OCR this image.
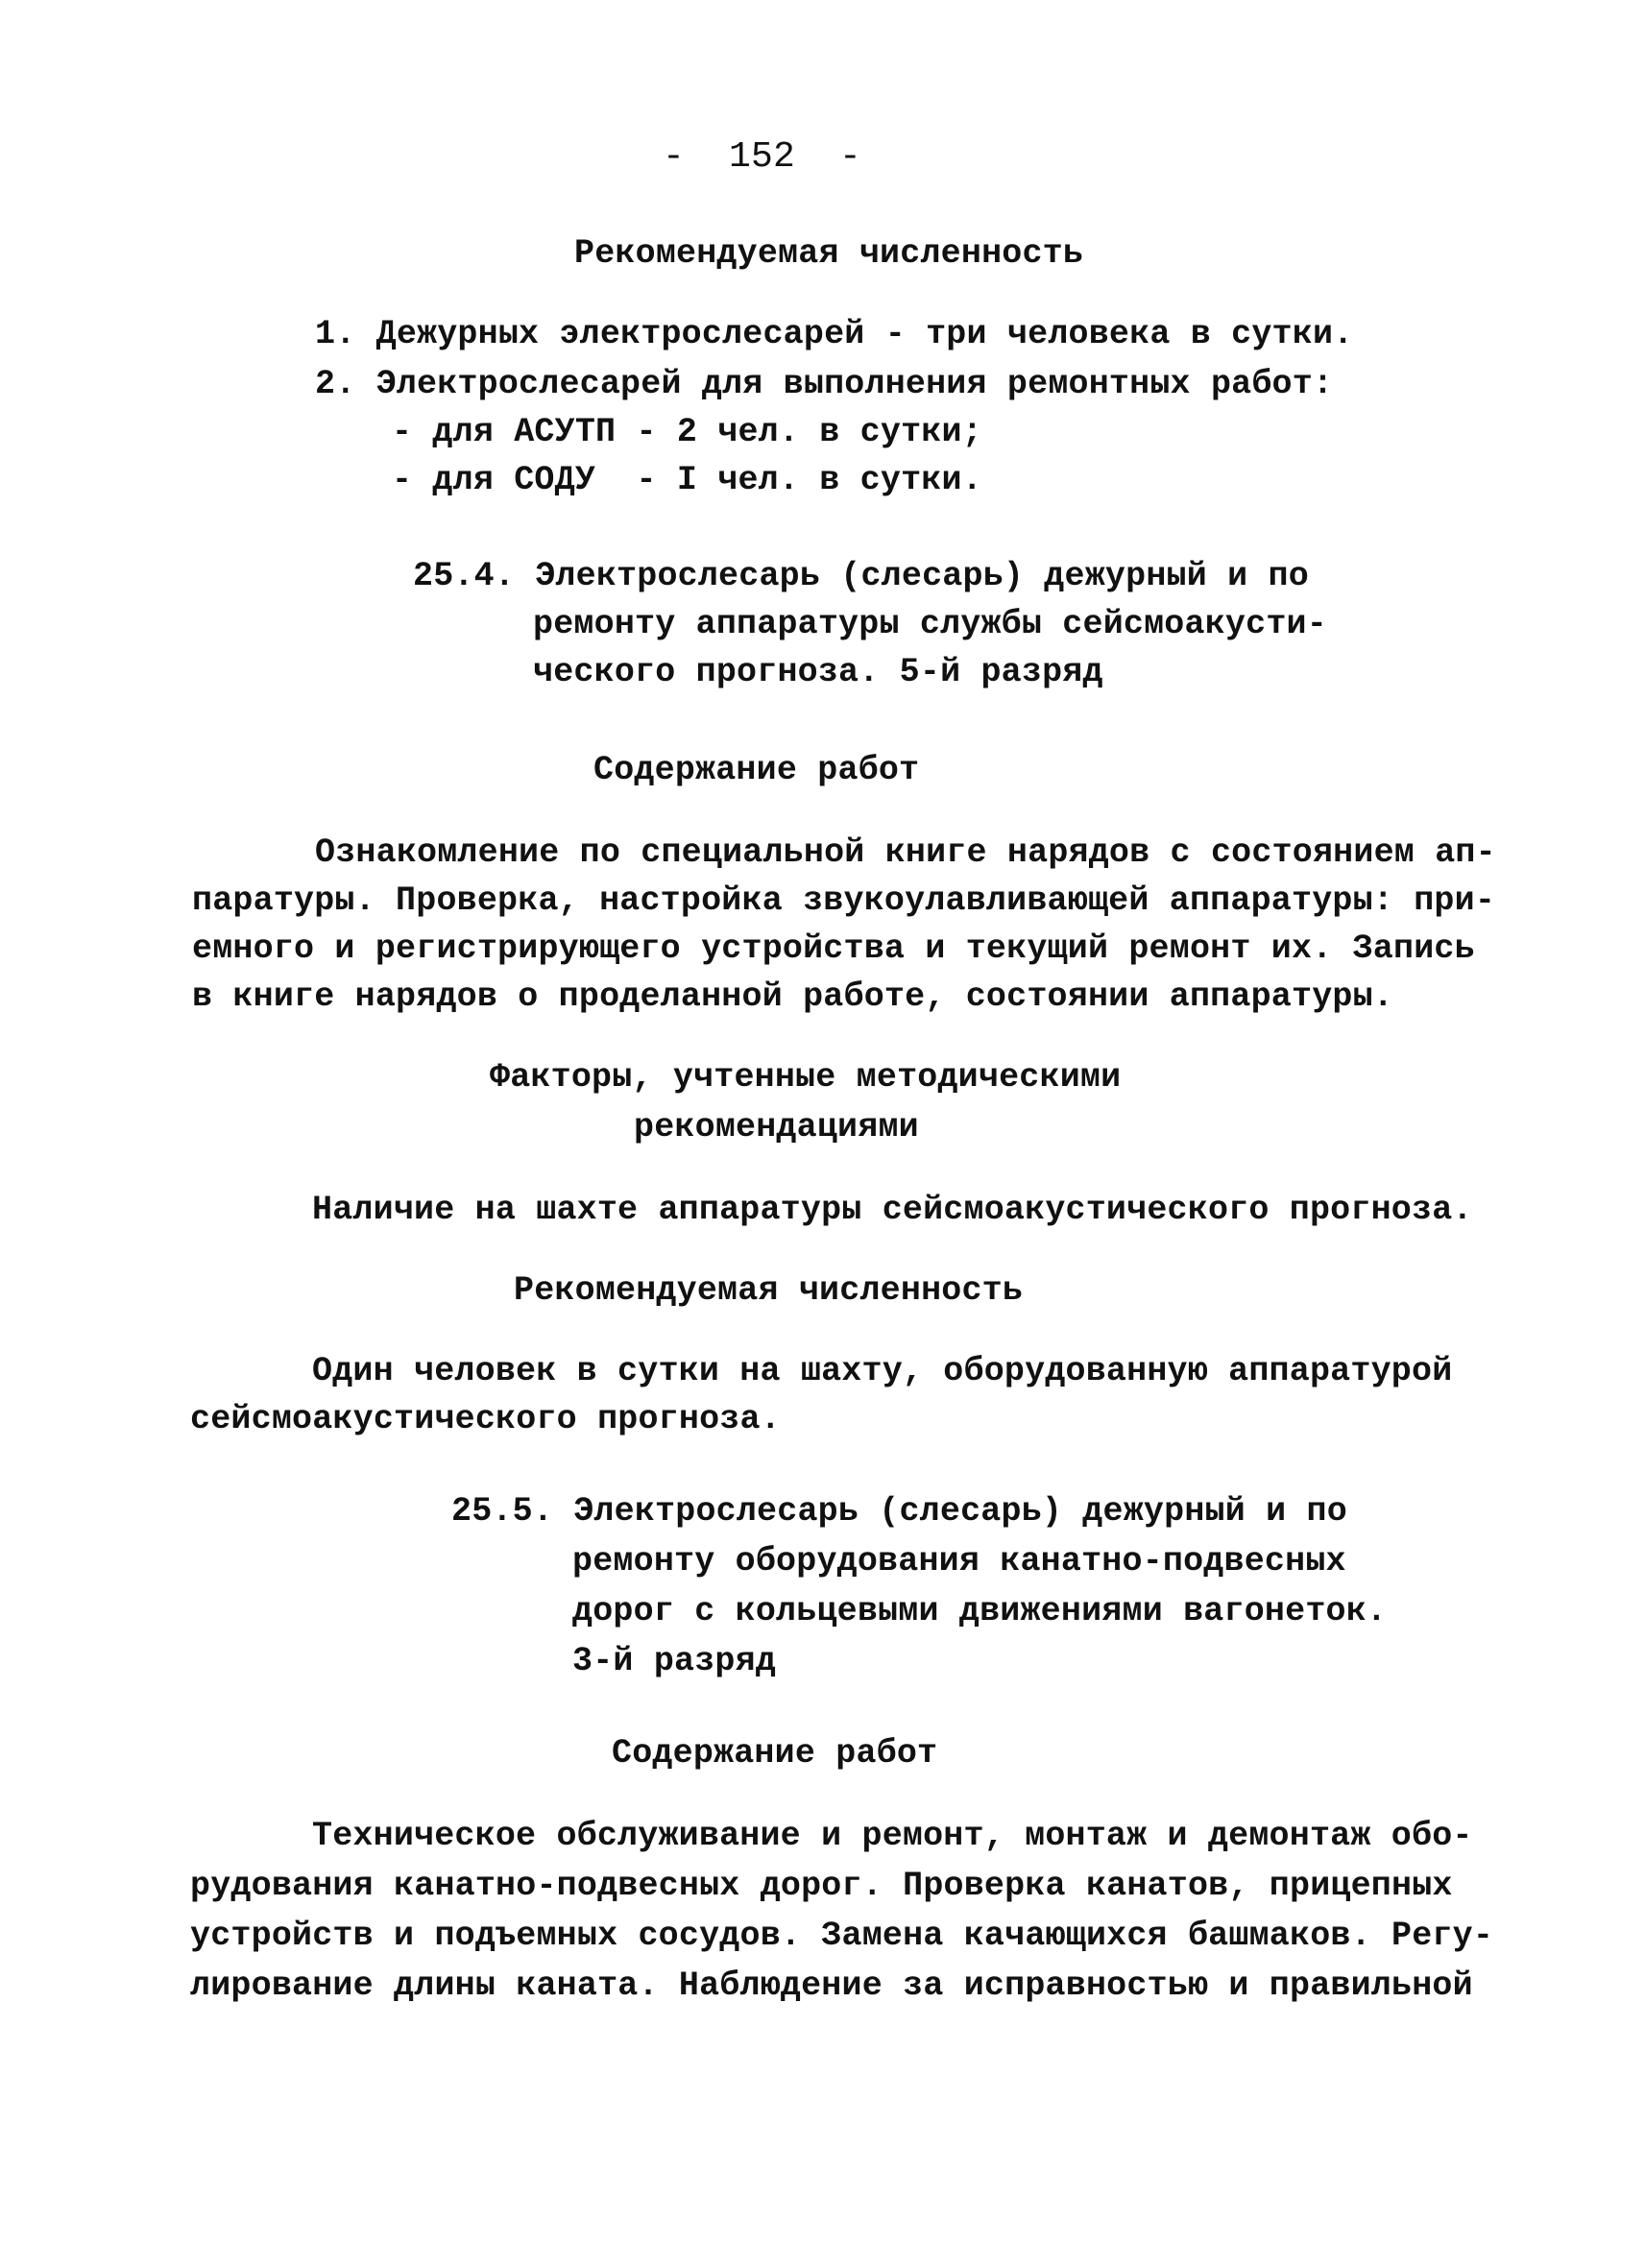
-  152  -
Рекомендуемая численность
1. Дежурных электрослесарей - три человека в сутки.
2. Электрослесарей для выполнения ремонтных работ:
- для АСУТП - 2 чел. в сутки;
- для СОДУ  - I чел. в сутки.
25.4. Электрослесарь (слесарь) дежурный и по
ремонту аппаратуры службы сейсмоакусти-
ческого прогноза. 5-й разряд
Содержание работ
Ознакомление по специальной книге нарядов с состоянием ап-
паратуры. Проверка, настройка звукоулавливающей аппаратуры: при-
емного и регистрирующего устройства и текущий ремонт их. Запись
в книге нарядов о проделанной работе, состоянии аппаратуры.
Факторы, учтенные методическими
рекомендациями
Наличие на шахте аппаратуры сейсмоакустического прогноза.
Рекомендуемая численность
Один человек в сутки на шахту, оборудованную аппаратурой
сейсмоакустического прогноза.
25.5. Электрослесарь (слесарь) дежурный и по
ремонту оборудования канатно-подвесных
дорог с кольцевыми движениями вагонеток.
3-й разряд
Содержание работ
Техническое обслуживание и ремонт, монтаж и демонтаж обо-
рудования канатно-подвесных дорог. Проверка канатов, прицепных
устройств и подъемных сосудов. Замена качающихся башмаков. Регу-
лирование длины каната. Наблюдение за исправностью и правильной
